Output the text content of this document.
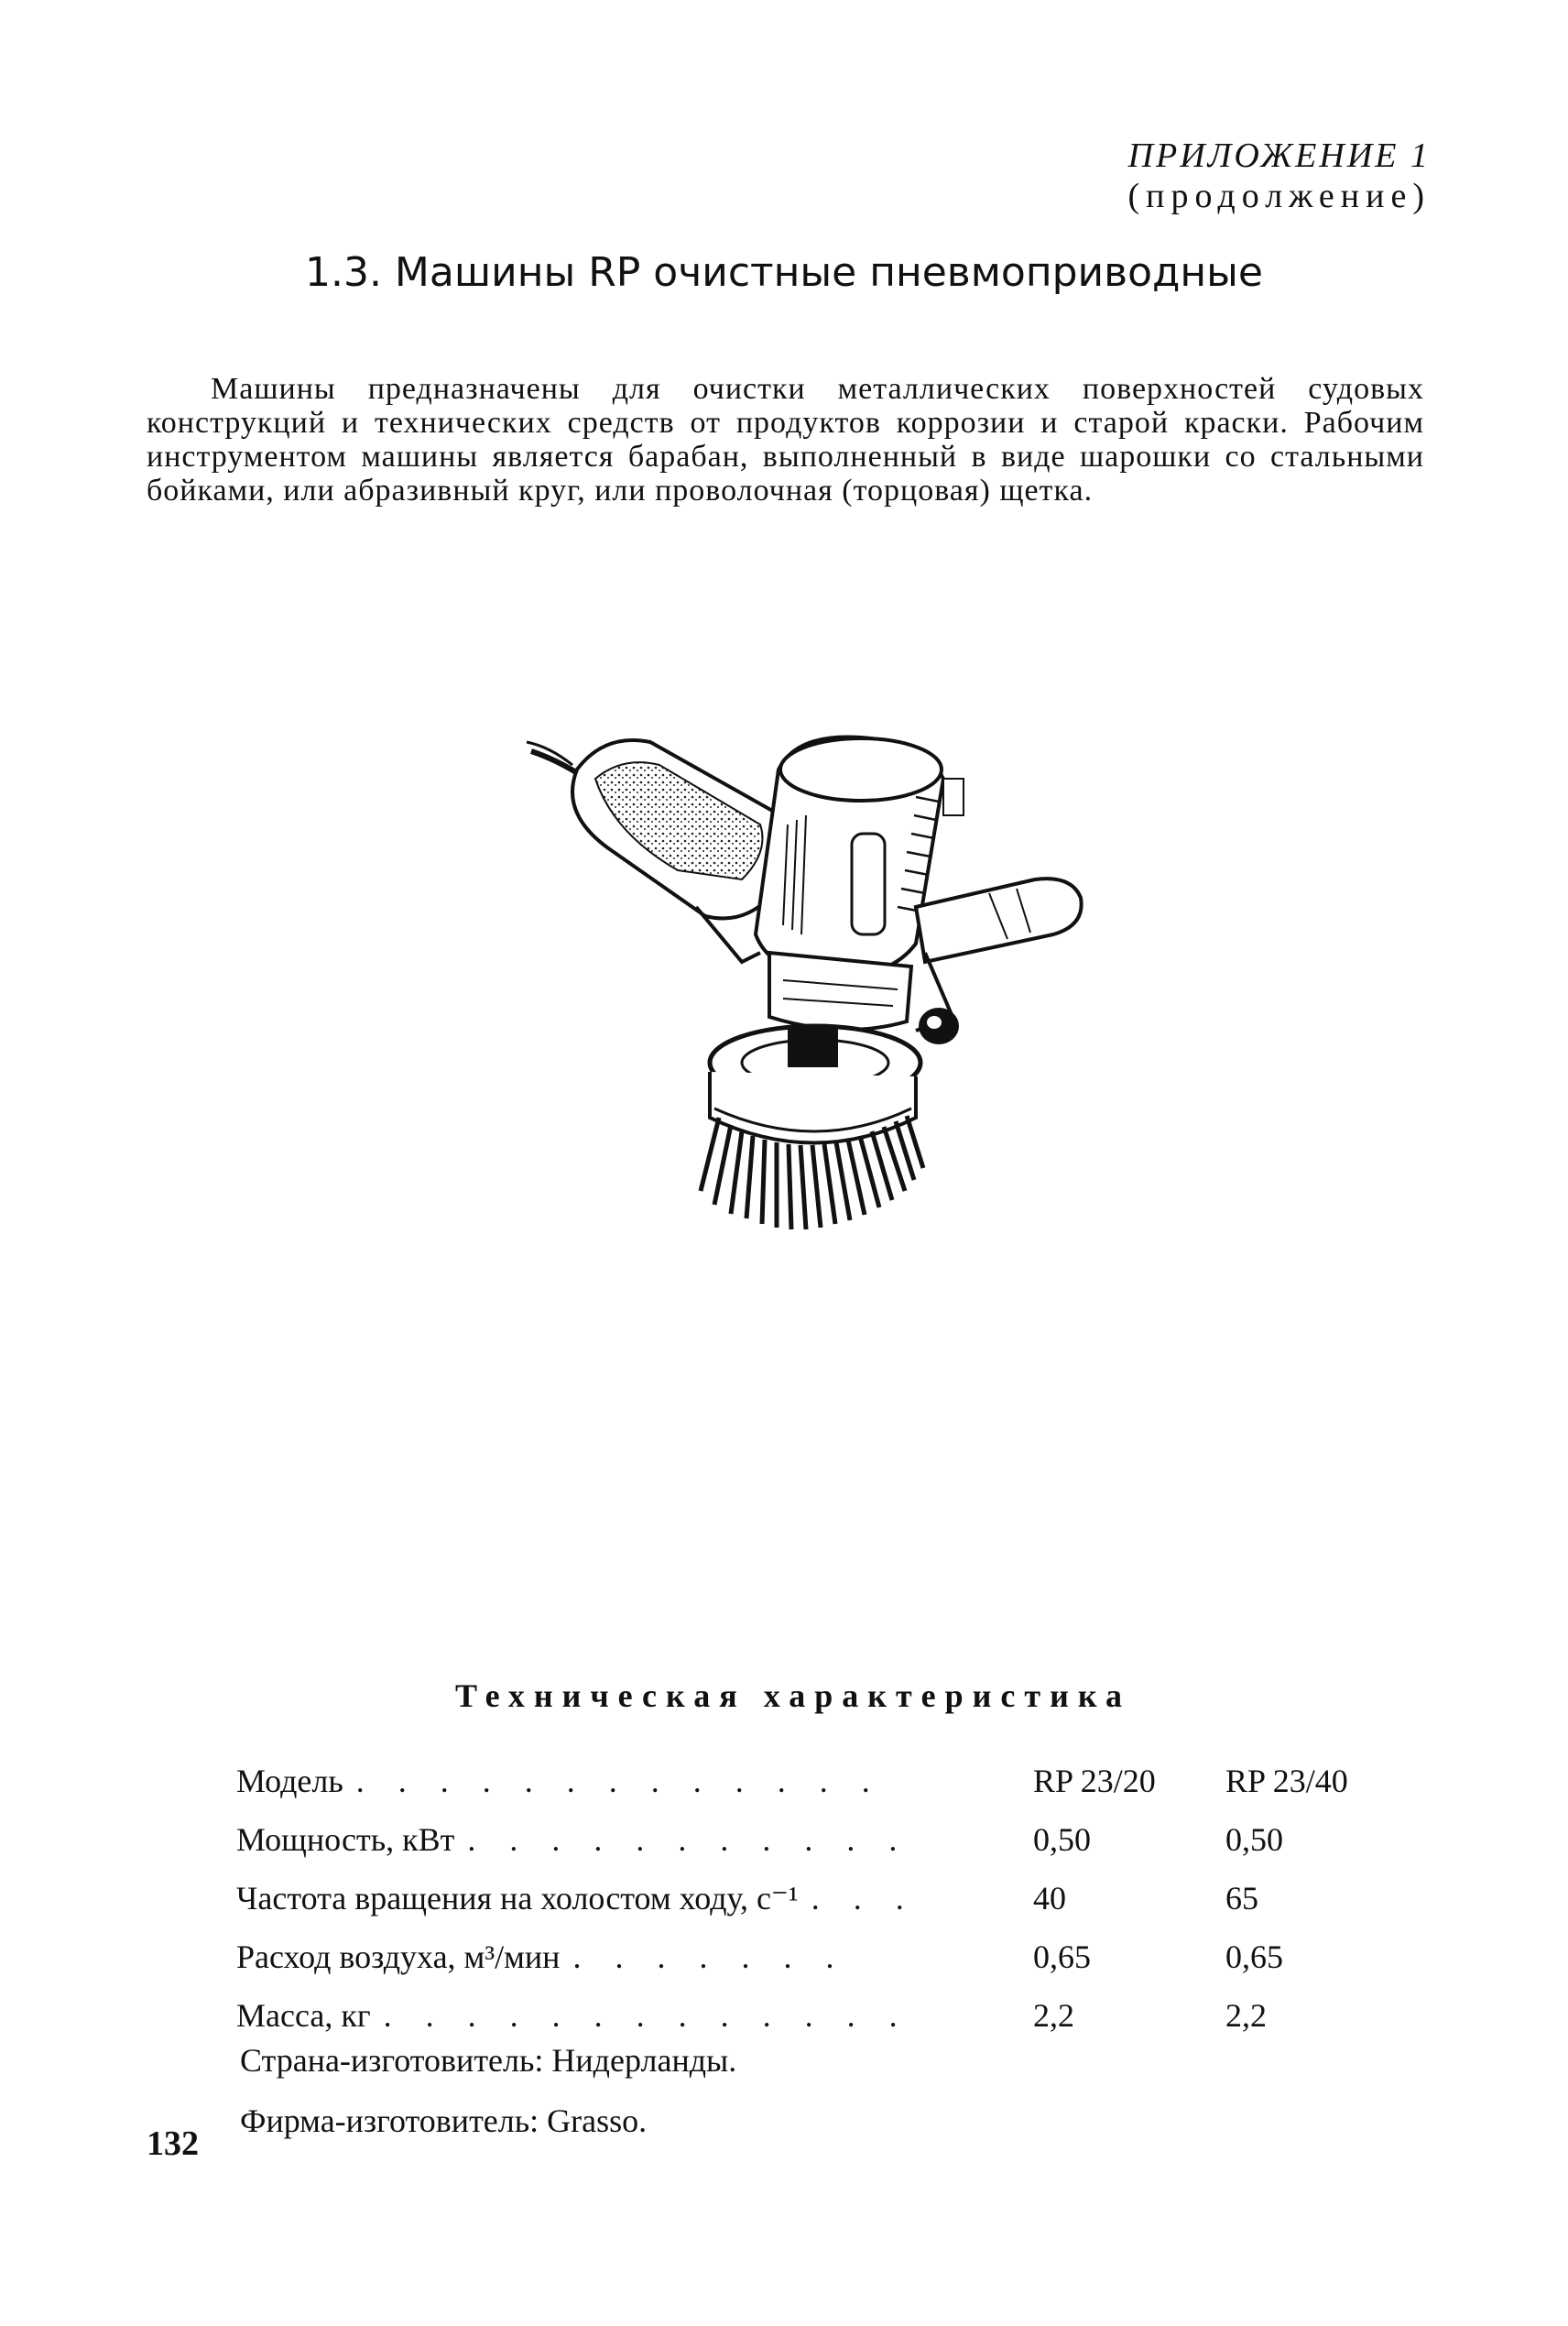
ПРИЛОЖЕНИЕ 1
(продолжение)
1.3. Машины RP очистные пневмоприводные

Машины предназначены для очистки металлических поверхностей судовых конструкций и технических средств от продуктов коррозии и старой краски. Рабочим инструментом машины является барабан, выполненный в виде шарошки со стальными бойками, или абразивный круг, или проволочная (торцовая) щетка.

Техническая характеристика
Модель . . . . . . . . . . . . .	RP 23/20	RP 23/40
Мощность, кВт . . . . . . . . . . .	0,50	0,50
Частота вращения на холостом ходу, с⁻¹ . . .	40	65
Расход воздуха, м³/мин . . . . . . .	0,65	0,65
Масса, кг . . . . . . . . . . . . .	2,2	2,2
Страна-изготовитель: Нидерланды.
Фирма-изготовитель: Grasso.
132
